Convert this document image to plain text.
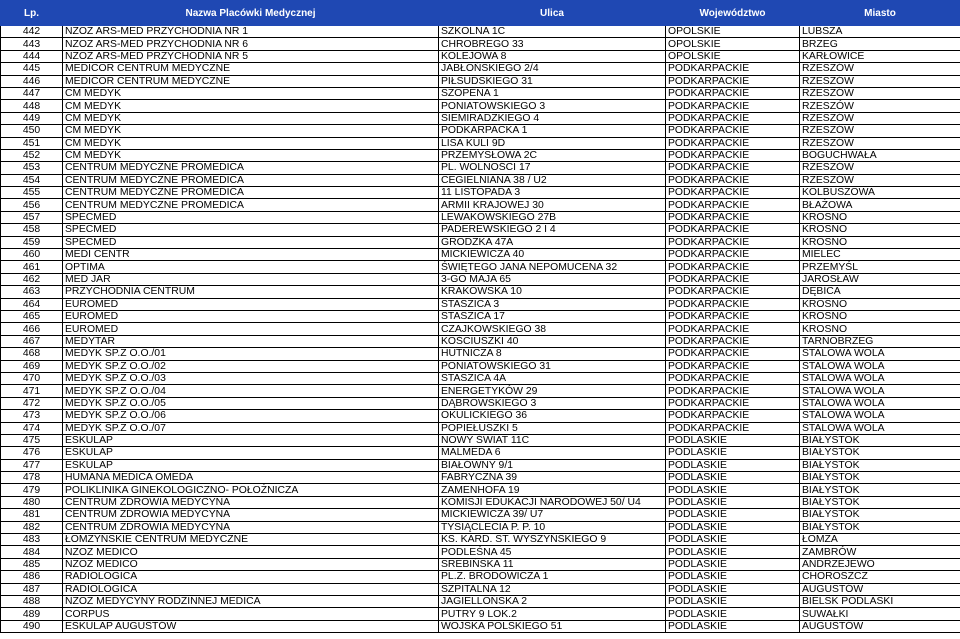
Lp.	Nazwa Placówki Medycznej	Ulica	Województwo	Miasto
442	NZOZ ARS-MED PRZYCHODNIA NR 1	SZKOLNA 1C	OPOLSKIE	LUBSZA
443	NZOZ ARS-MED PRZYCHODNIA NR 6	CHROBREGO 33	OPOLSKIE	BRZEG
444	NZOZ ARS-MED PRZYCHODNIA NR 5	KOLEJOWA 8	OPOLSKIE	KARŁOWICE
445	MEDICOR CENTRUM MEDYCZNE	JABŁOŃSKIEGO 2/4	PODKARPACKIE	RZESZÓW
446	MEDICOR CENTRUM MEDYCZNE	PIŁSUDSKIEGO 31	PODKARPACKIE	RZESZÓW
447	CM MEDYK	SZOPENA 1	PODKARPACKIE	RZESZÓW
448	CM MEDYK	PONIATOWSKIEGO 3	PODKARPACKIE	RZESZÓW
449	CM MEDYK	SIEMIRADZKIEGO 4	PODKARPACKIE	RZESZÓW
450	CM MEDYK	PODKARPACKA 1	PODKARPACKIE	RZESZÓW
451	CM MEDYK	LISA KULI 9D	PODKARPACKIE	RZESZÓW
452	CM MEDYK	PRZEMYSŁOWA 2C	PODKARPACKIE	BOGUCHWAŁA
453	CENTRUM MEDYCZNE PROMEDICA	PL. WOLNOŚCI 17	PODKARPACKIE	RZESZÓW
454	CENTRUM MEDYCZNE PROMEDICA	CEGIELNIANA 38 / U2	PODKARPACKIE	RZESZÓW
455	CENTRUM MEDYCZNE PROMEDICA	11 LISTOPADA 3	PODKARPACKIE	KOLBUSZOWA
456	CENTRUM MEDYCZNE PROMEDICA	ARMII KRAJOWEJ 30	PODKARPACKIE	BŁAŻOWA
457	SPECMED	LEWAKOWSKIEGO 27B	PODKARPACKIE	KROSNO
458	SPECMED	PADEREWSKIEGO 2 I 4	PODKARPACKIE	KROSNO
459	SPECMED	GRODZKA 47A	PODKARPACKIE	KROSNO
460	MEDI CENTR	MICKIEWICZA 40	PODKARPACKIE	MIELEC
461	OPTIMA	ŚWIĘTEGO JANA NEPOMUCENA 32	PODKARPACKIE	PRZEMYŚL
462	MED JAR	3-GO MAJA 65	PODKARPACKIE	JAROSŁAW
463	PRZYCHODNIA CENTRUM	KRAKOWSKA 10	PODKARPACKIE	DĘBICA
464	EUROMED	STASZICA 3	PODKARPACKIE	KROSNO
465	EUROMED	STASZICA 17	PODKARPACKIE	KROSNO
466	EUROMED	CZAJKOWSKIEGO 38	PODKARPACKIE	KROSNO
467	MEDYTAR	KOŚCIUSZKI 40	PODKARPACKIE	TARNOBRZEG
468	MEDYK SP.Z O.O./01	HUTNICZA 8	PODKARPACKIE	STALOWA WOLA
469	MEDYK SP.Z O.O./02	PONIATOWSKIEGO 31	PODKARPACKIE	STALOWA WOLA
470	MEDYK SP.Z O.O./03	STASZICA 4A	PODKARPACKIE	STALOWA WOLA
471	MEDYK SP.Z O.O./04	ENERGETYKÓW 29	PODKARPACKIE	STALOWA WOLA
472	MEDYK SP.Z O.O./05	DĄBROWSKIEGO 3	PODKARPACKIE	STALOWA WOLA
473	MEDYK SP.Z O.O./06	OKULICKIEGO 36	PODKARPACKIE	STALOWA WOLA
474	MEDYK SP.Z O.O./07	POPIEŁUSZKI 5	PODKARPACKIE	STALOWA WOLA
475	ESKULAP	NOWY ŚWIAT 11C	PODLASKIE	BIAŁYSTOK
476	ESKULAP	MALMEDA 6	PODLASKIE	BIAŁYSTOK
477	ESKULAP	BIAŁÓWNY 9/1	PODLASKIE	BIAŁYSTOK
478	HUMANA MEDICA OMEDA	FABRYCZNA 39	PODLASKIE	BIAŁYSTOK
479	POLIKLINIKA GINEKOLOGICZNO- POŁOŻNICZA	ZAMENHOFA 19	PODLASKIE	BIAŁYSTOK
480	CENTRUM ZDROWIA MEDYCYNA	KOMISJI EDUKACJI NARODOWEJ 50/ U4	PODLASKIE	BIAŁYSTOK
481	CENTRUM ZDROWIA MEDYCYNA	MICKIEWICZA 39/ U7	PODLASKIE	BIAŁYSTOK
482	CENTRUM ZDROWIA MEDYCYNA	TYSIĄCLECIA P. P. 10	PODLASKIE	BIAŁYSTOK
483	ŁOMŻYŃSKIE CENTRUM MEDYCZNE	KS. KARD. ST. WYSZYŃSKIEGO 9	PODLASKIE	ŁOMŻA
484	NZOZ MEDICO	PODLEŚNA 45	PODLASKIE	ZAMBRÓW
485	NZOZ MEDICO	SREBIŃSKA 11	PODLASKIE	ANDRZEJEWO
486	RADIOLOGICA	PL.Z. BRODOWICZA 1	PODLASKIE	CHOROSZCZ
487	RADIOLOGICA	SZPITALNA 12	PODLASKIE	AUGUSTÓW
488	NZOZ MEDYCYNY RODZINNEJ MEDICA	JAGIELLOŃSKA 2	PODLASKIE	BIELSK PODLASKI
489	CORPUS	PUTRY 9 LOK.2	PODLASKIE	SUWAŁKI
490	ESKULAP AUGUSTÓW	WOJSKA POLSKIEGO 51	PODLASKIE	AUGUSTÓW
